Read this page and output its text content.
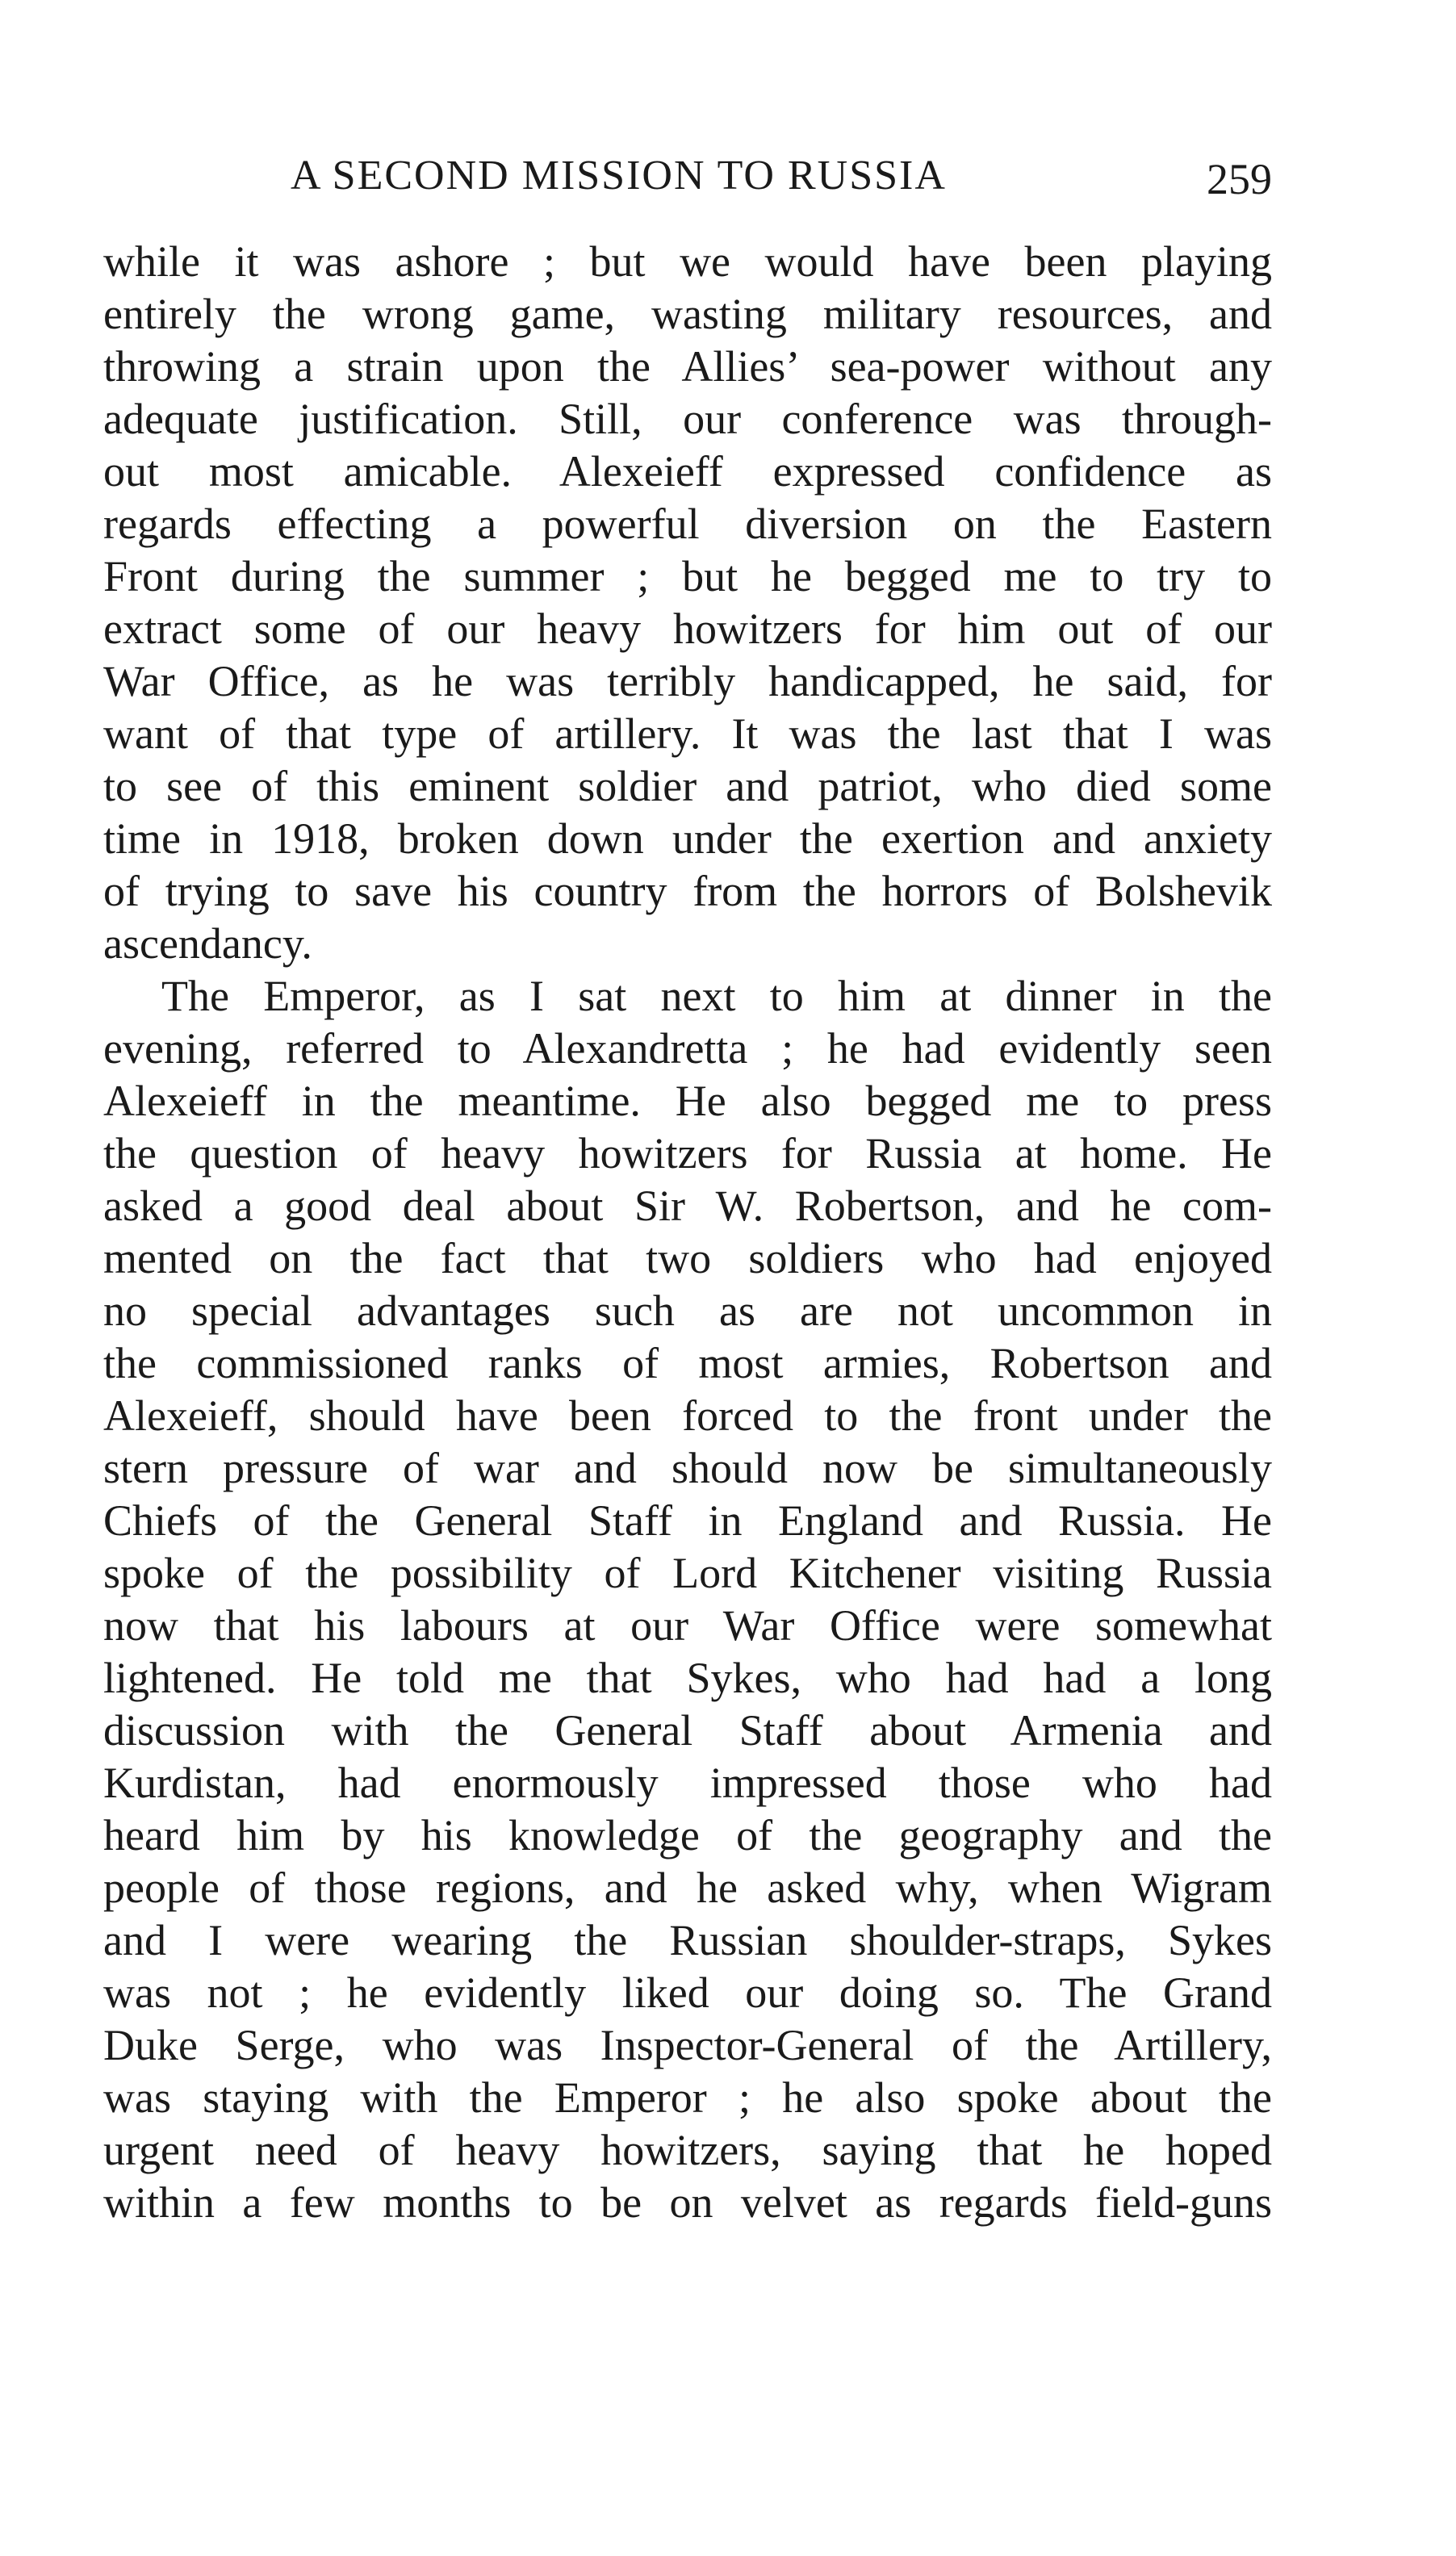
A SECOND MISSION TO RUSSIA	259
while it was ashore ; but we would have been playing
entirely the wrong game, wasting military resources, and
throwing a strain upon the Allies’ sea-power without any
adequate justification. Still, our conference was through-
out most amicable. Alexeieff expressed confidence as
regards effecting a powerful diversion on the Eastern
Front during the summer ; but he begged me to try to
extract some of our heavy howitzers for him out of our
War Office, as he was terribly handicapped, he said, for
want of that type of artillery. It was the last that I was
to see of this eminent soldier and patriot, who died some
time in 1918, broken down under the exertion and anxiety
of trying to save his country from the horrors of Bolshevik
ascendancy.
The Emperor, as I sat next to him at dinner in the
evening, referred to Alexandretta ; he had evidently seen
Alexeieff in the meantime. He also begged me to press
the question of heavy howitzers for Russia at home. He
asked a good deal about Sir W. Robertson, and he com-
mented on the fact that two soldiers who had enjoyed
no special advantages such as are not uncommon in
the commissioned ranks of most armies, Robertson and
Alexeieff, should have been forced to the front under the
stern pressure of war and should now be simultaneously
Chiefs of the General Staff in England and Russia. He
spoke of the possibility of Lord Kitchener visiting Russia
now that his labours at our War Office were somewhat
lightened. He told me that Sykes, who had had a long
discussion with the General Staff about Armenia and
Kurdistan, had enormously impressed those who had
heard him by his knowledge of the geography and the
people of those regions, and he asked why, when Wigram
and I were wearing the Russian shoulder-straps, Sykes
was not ; he evidently liked our doing so. The Grand
Duke Serge, who was Inspector-General of the Artillery,
was staying with the Emperor ; he also spoke about the
urgent need of heavy howitzers, saying that he hoped
within a few months to be on velvet as regards field-guns
